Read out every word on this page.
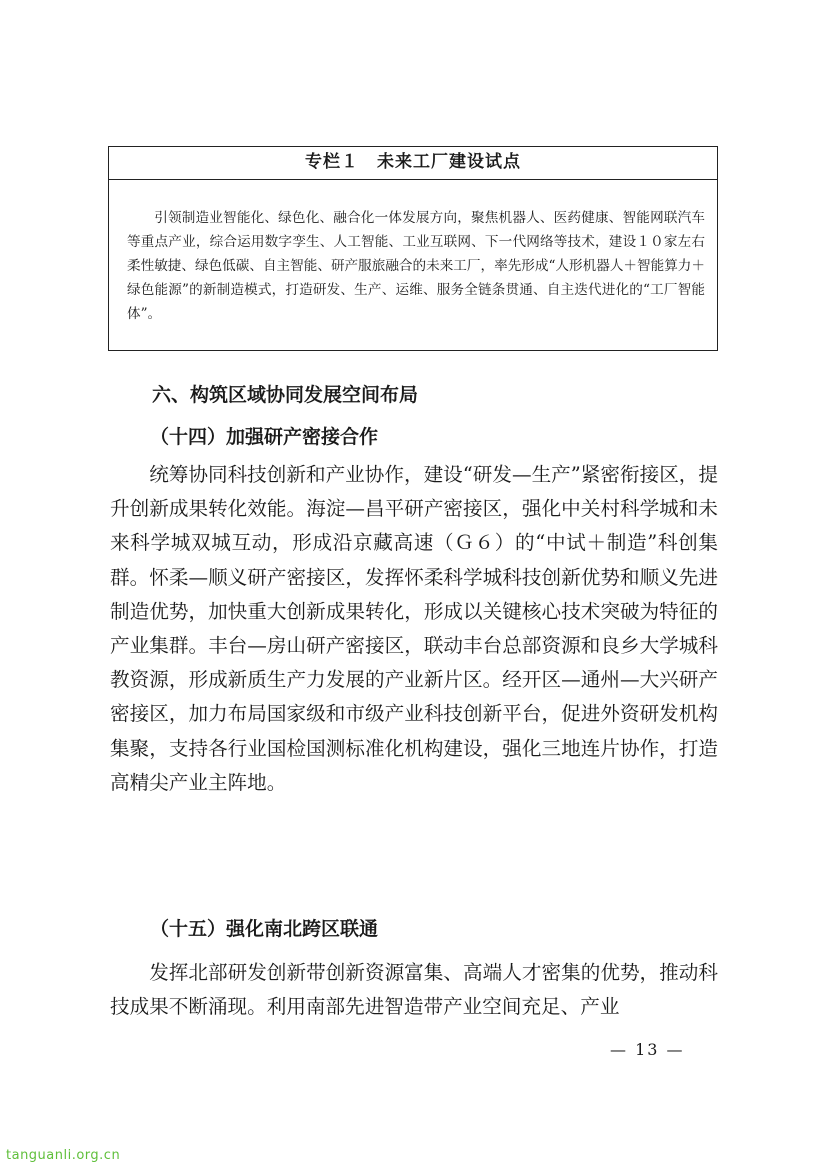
专栏１　未来工厂建设试点
引领制造业智能化、绿色化、融合化一体发展方向，聚焦机器人、医药健康、智能网联汽车等重点产业，综合运用数字孪生、人工智能、工业互联网、下一代网络等技术，建设１０家左右柔性敏捷、绿色低碳、自主智能、研产服旅融合的未来工厂，率先形成“人形机器人＋智能算力＋绿色能源”的新制造模式，打造研发、生产、运维、服务全链条贯通、自主迭代进化的“工厂智能体”。
六、构筑区域协同发展空间布局
（十四）加强研产密接合作

统筹协同科技创新和产业协作，建设“研发—生产”紧密衔接区，提升创新成果转化效能。海淀—昌平研产密接区，强化中关村科学城和未来科学城双城互动，形成沿京藏高速（Ｇ６）的“中试＋制造”科创集群。怀柔—顺义研产密接区，发挥怀柔科学城科技创新优势和顺义先进制造优势，加快重大创新成果转化，形成以关键核心技术突破为特征的产业集群。丰台—房山研产密接区，联动丰台总部资源和良乡大学城科教资源，形成新质生产力发展的产业新片区。经开区—通州—大兴研产密接区，加力布局国家级和市级产业科技创新平台，促进外资研发机构集聚，支持各行业国检国测标准化机构建设，强化三地连片协作，打造高精尖产业主阵地。

（十五）强化南北跨区联通

发挥北部研发创新带创新资源富集、高端人才密集的优势，推动科技成果不断涌现。利用南部先进智造带产业空间充足、产业

— 13 —
tanguanli.org.cn
